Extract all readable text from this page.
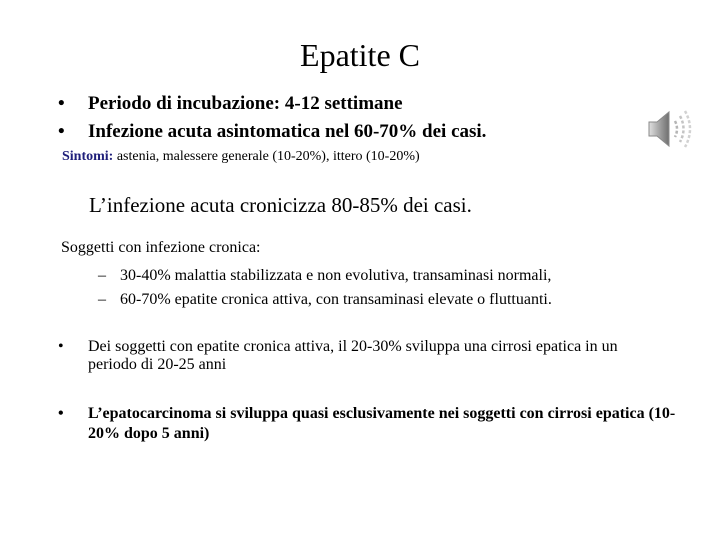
Epatite C
•	Periodo di incubazione: 4-12 settimane
•	Infezione acuta asintomatica nel 60-70% dei casi.
Sintomi: astenia, malessere generale (10-20%), ittero (10-20%)
L’infezione acuta cronicizza 80-85% dei casi.
Soggetti con infezione cronica:
– 30-40% malattia stabilizzata e non evolutiva, transaminasi normali,
– 60-70% epatite cronica attiva, con transaminasi elevate o fluttuanti.
•	Dei soggetti con epatite cronica attiva, il 20-30% sviluppa una cirrosi epatica in un periodo di 20-25 anni
•	L’epatocarcinoma si sviluppa quasi esclusivamente nei soggetti con cirrosi epatica (10-20% dopo 5 anni)
